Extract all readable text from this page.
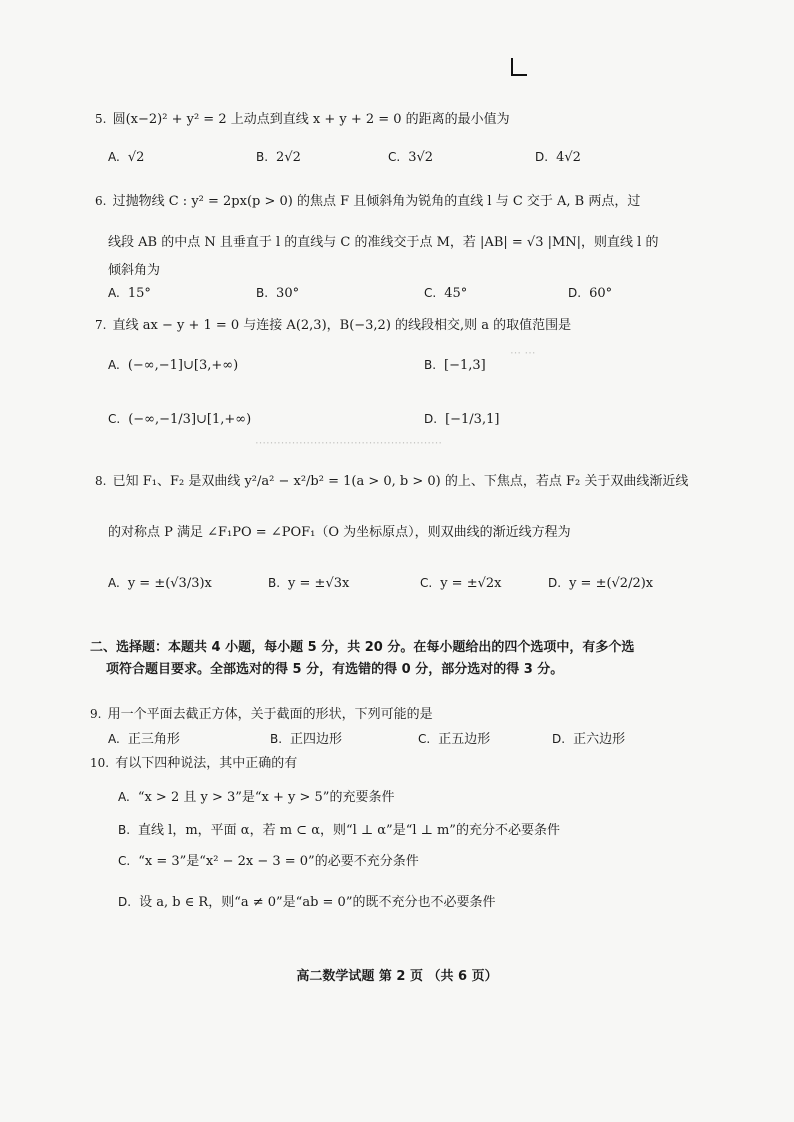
5. 圆(x−2)² + y² = 2 上动点到直线 x + y + 2 = 0 的距离的最小值为
A. √2	B. 2√2	C. 3√2	D. 4√2
6. 过抛物线 C : y² = 2px(p > 0) 的焦点 F 且倾斜角为锐角的直线 l 与 C 交于 A, B 两点，过
线段 AB 的中点 N 且垂直于 l 的直线与 C 的准线交于点 M，若 |AB| = √3 |MN|，则直线 l 的
倾斜角为
A. 15°	B. 30°	C. 45°	D. 60°
7. 直线 ax − y + 1 = 0 与连接 A(2,3)，B(−3,2) 的线段相交,则 a 的取值范围是
A. (−∞,−1]∪[3,+∞)	B. [−1,3]
C. (−∞,−1/3]∪[1,+∞)	D. [−1/3,1]
⋯ ⋯
⋯⋯⋯⋯⋯⋯⋯⋯⋯⋯⋯⋯⋯⋯⋯⋯⋯
8. 已知 F₁、F₂ 是双曲线 y²/a² − x²/b² = 1(a > 0, b > 0) 的上、下焦点，若点 F₂ 关于双曲线渐近线
的对称点 P 满足 ∠F₁PO = ∠POF₁（O 为坐标原点），则双曲线的渐近线方程为
A. y = ±(√3/3)x	B. y = ±√3x	C. y = ±√2x	D. y = ±(√2/2)x
二、选择题：本题共 4 小题，每小题 5 分，共 20 分。在每小题给出的四个选项中，有多个选
项符合题目要求。全部选对的得 5 分，有选错的得 0 分，部分选对的得 3 分。
9. 用一个平面去截正方体，关于截面的形状，下列可能的是
A. 正三角形	B. 正四边形	C. 正五边形	D. 正六边形
10. 有以下四种说法，其中正确的有
A. “x > 2 且 y > 3”是“x + y > 5”的充要条件
B. 直线 l，m，平面 α，若 m ⊂ α，则“l ⊥ α”是“l ⊥ m”的充分不必要条件
C. “x = 3”是“x² − 2x − 3 = 0”的必要不充分条件
D. 设 a, b ∈ R，则“a ≠ 0”是“ab = 0”的既不充分也不必要条件
高二数学试题 第 2 页 （共 6 页）
